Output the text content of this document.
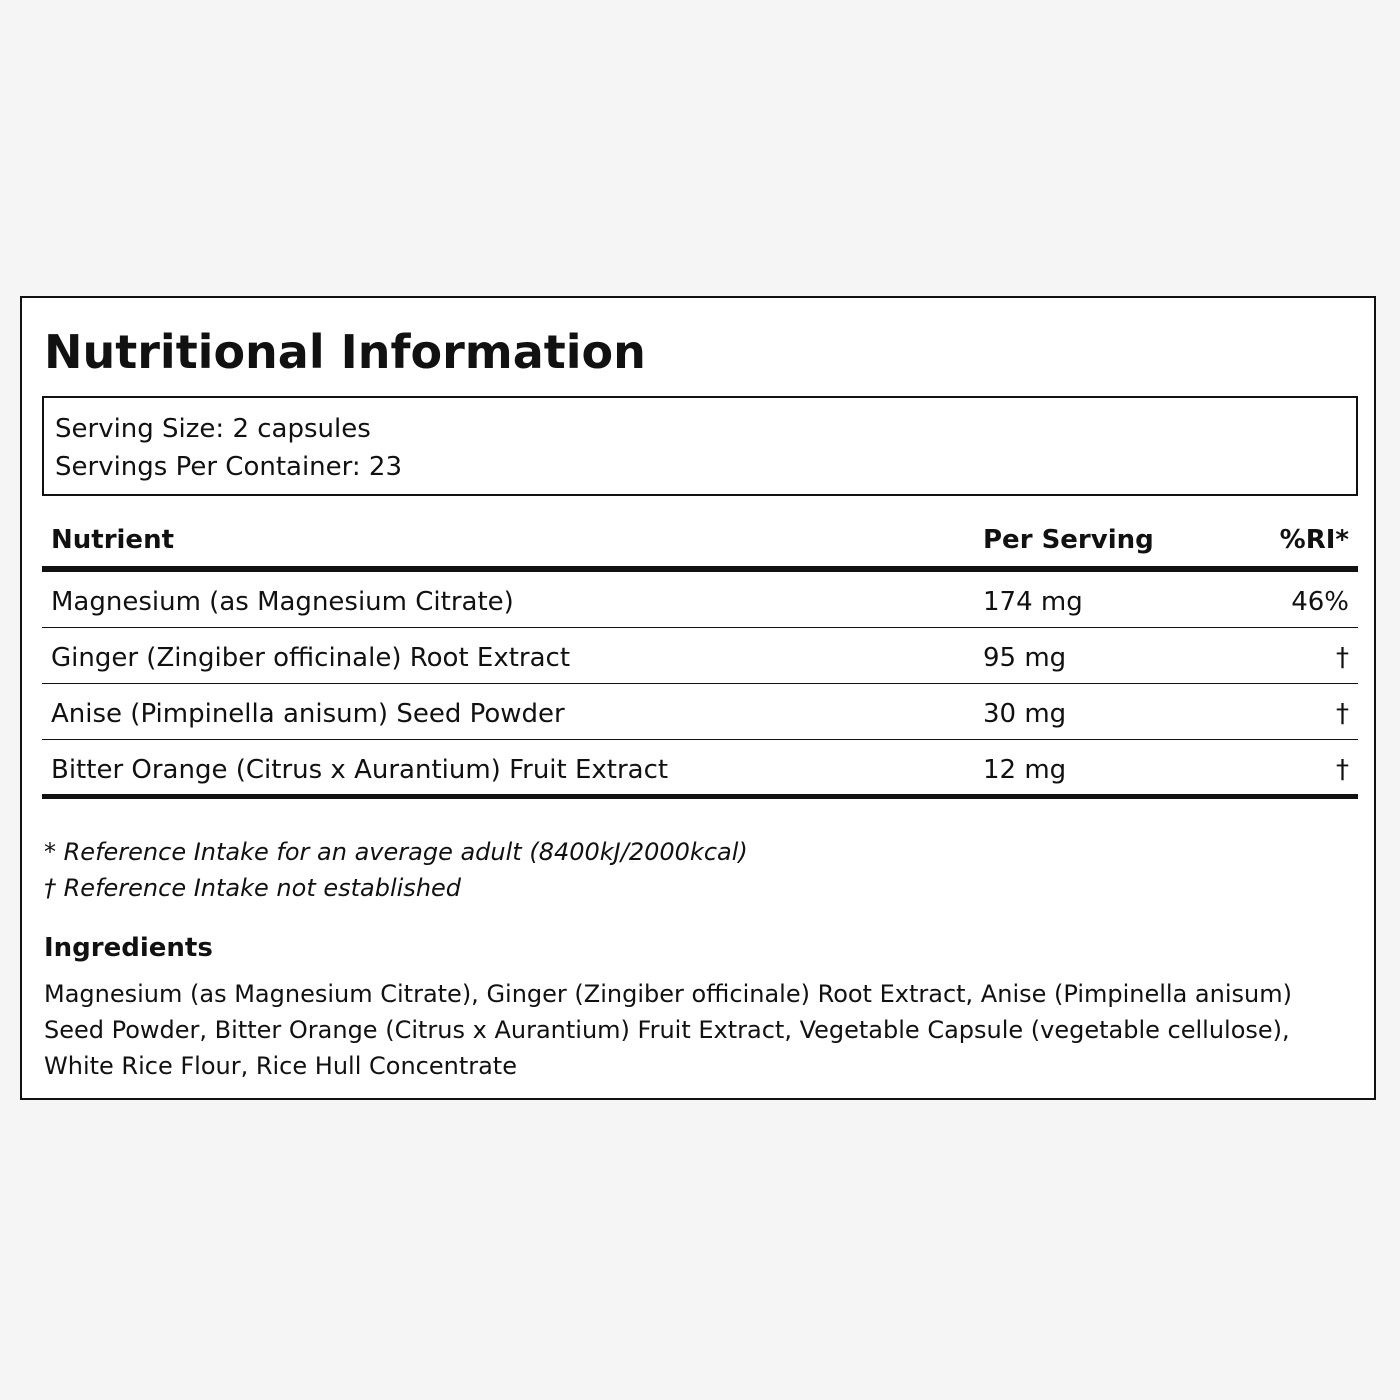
Nutritional Information
Serving Size: 2 capsules
Servings Per Container: 23
Nutrient	Per Serving	%RI*
Magnesium (as Magnesium Citrate)	174 mg	46%
Ginger (Zingiber officinale) Root Extract	95 mg	†
Anise (Pimpinella anisum) Seed Powder	30 mg	†
Bitter Orange (Citrus x Aurantium) Fruit Extract	12 mg	†
* Reference Intake for an average adult (8400kJ/2000kcal)
† Reference Intake not established
Ingredients

Magnesium (as Magnesium Citrate), Ginger (Zingiber officinale) Root Extract, Anise (Pimpinella anisum) Seed Powder, Bitter Orange (Citrus x Aurantium) Fruit Extract, Vegetable Capsule (vegetable cellulose), White Rice Flour, Rice Hull Concentrate
